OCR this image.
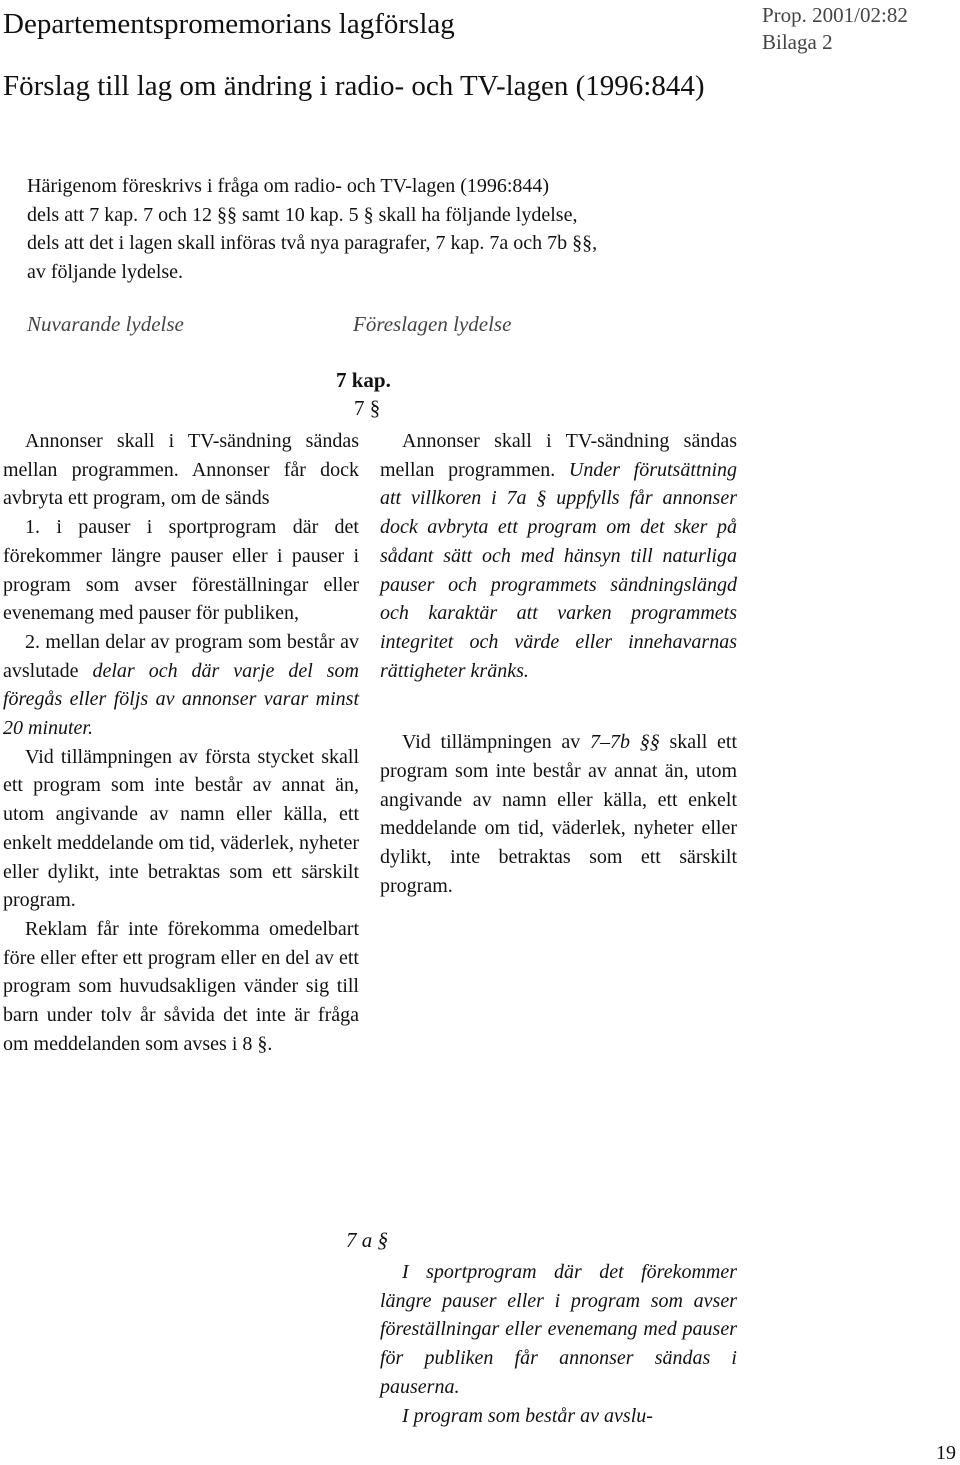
Departementspromemorians lagförslag	Prop. 2001/02:82
Bilaga 2
Förslag till lag om ändring i radio- och TV-lagen (1996:844)
Härigenom föreskrivs i fråga om radio- och TV-lagen (1996:844)
dels att 7 kap. 7 och 12 §§ samt 10 kap. 5 § skall ha följande lydelse,
dels att det i lagen skall införas två nya paragrafer, 7 kap. 7a och 7b §§,
av följande lydelse.
Nuvarande lydelse	Föreslagen lydelse
7 kap.
7 §

Annonser skall i TV-sändning sändas mellan programmen. Annonser får dock avbryta ett program, om de sänds

1. i pauser i sportprogram där det förekommer längre pauser eller i pauser i program som avser föreställningar eller evenemang med pauser för publiken,

2. mellan delar av program som består av avslutade delar och där varje del som föregås eller följs av annonser varar minst 20 minuter.

Vid tillämpningen av första stycket skall ett program som inte består av annat än, utom angivande av namn eller källa, ett enkelt meddelande om tid, väderlek, nyheter eller dylikt, inte betraktas som ett särskilt program.

Reklam får inte förekomma omedelbart före eller efter ett program eller en del av ett program som huvudsakligen vänder sig till barn under tolv år såvida det inte är fråga om meddelanden som avses i 8 §.

Annonser skall i TV-sändning sändas mellan programmen. Under förutsättning att villkoren i 7a § uppfylls får annonser dock avbryta ett program om det sker på sådant sätt och med hänsyn till naturliga pauser och programmets sändningslängd och karaktär att varken programmets integritet och värde eller innehavarnas rättigheter kränks.

Vid tillämpningen av 7–7b §§ skall ett program som inte består av annat än, utom angivande av namn eller källa, ett enkelt meddelande om tid, väderlek, nyheter eller dylikt, inte betraktas som ett särskilt program.

7 a §

I sportprogram där det förekommer längre pauser eller i program som avser föreställningar eller evenemang med pauser för publiken får annonser sändas i pauserna.

I program som består av avslu-

19
